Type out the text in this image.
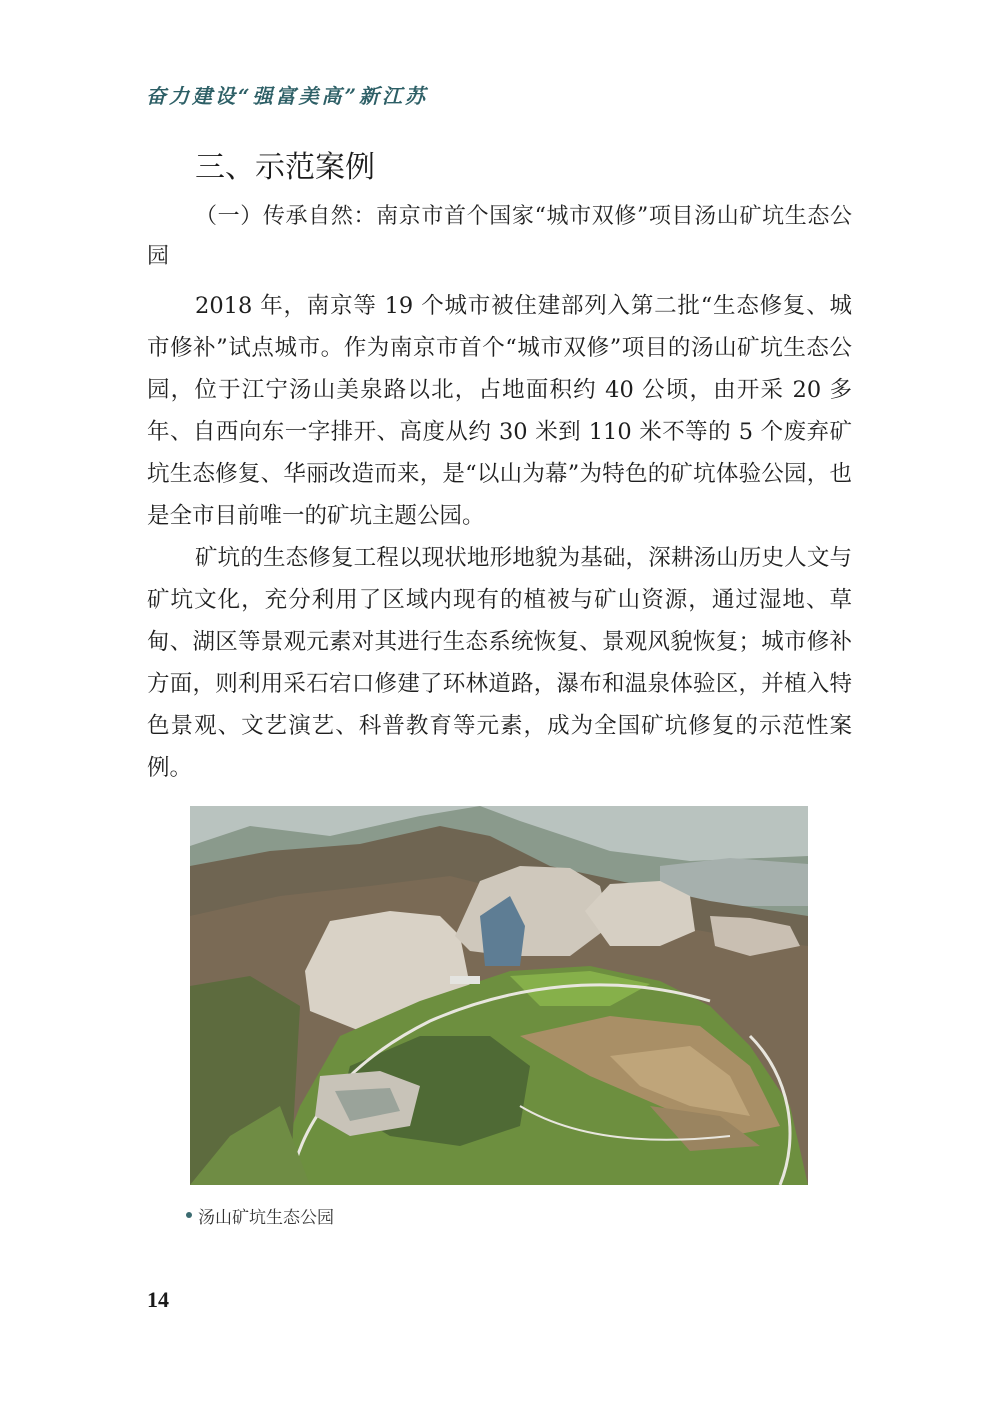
奋力建设“强富美高”新江苏
三、示范案例
（一）传承自然：南京市首个国家“城市双修”项目汤山矿坑生态公园

2018 年，南京等 19 个城市被住建部列入第二批“生态修复、城市修补”试点城市。作为南京市首个“城市双修”项目的汤山矿坑生态公园，位于江宁汤山美泉路以北，占地面积约 40 公顷，由开采 20 多年、自西向东一字排开、高度从约 30 米到 110 米不等的 5 个废弃矿坑生态修复、华丽改造而来，是“以山为幕”为特色的矿坑体验公园，也是全市目前唯一的矿坑主题公园。

矿坑的生态修复工程以现状地形地貌为基础，深耕汤山历史人文与矿坑文化，充分利用了区域内现有的植被与矿山资源，通过湿地、草甸、湖区等景观元素对其进行生态系统恢复、景观风貌恢复；城市修补方面，则利用采石宕口修建了环林道路，瀑布和温泉体验区，并植入特色景观、文艺演艺、科普教育等元素，成为全国矿坑修复的示范性案例。

汤山矿坑生态公园
14
